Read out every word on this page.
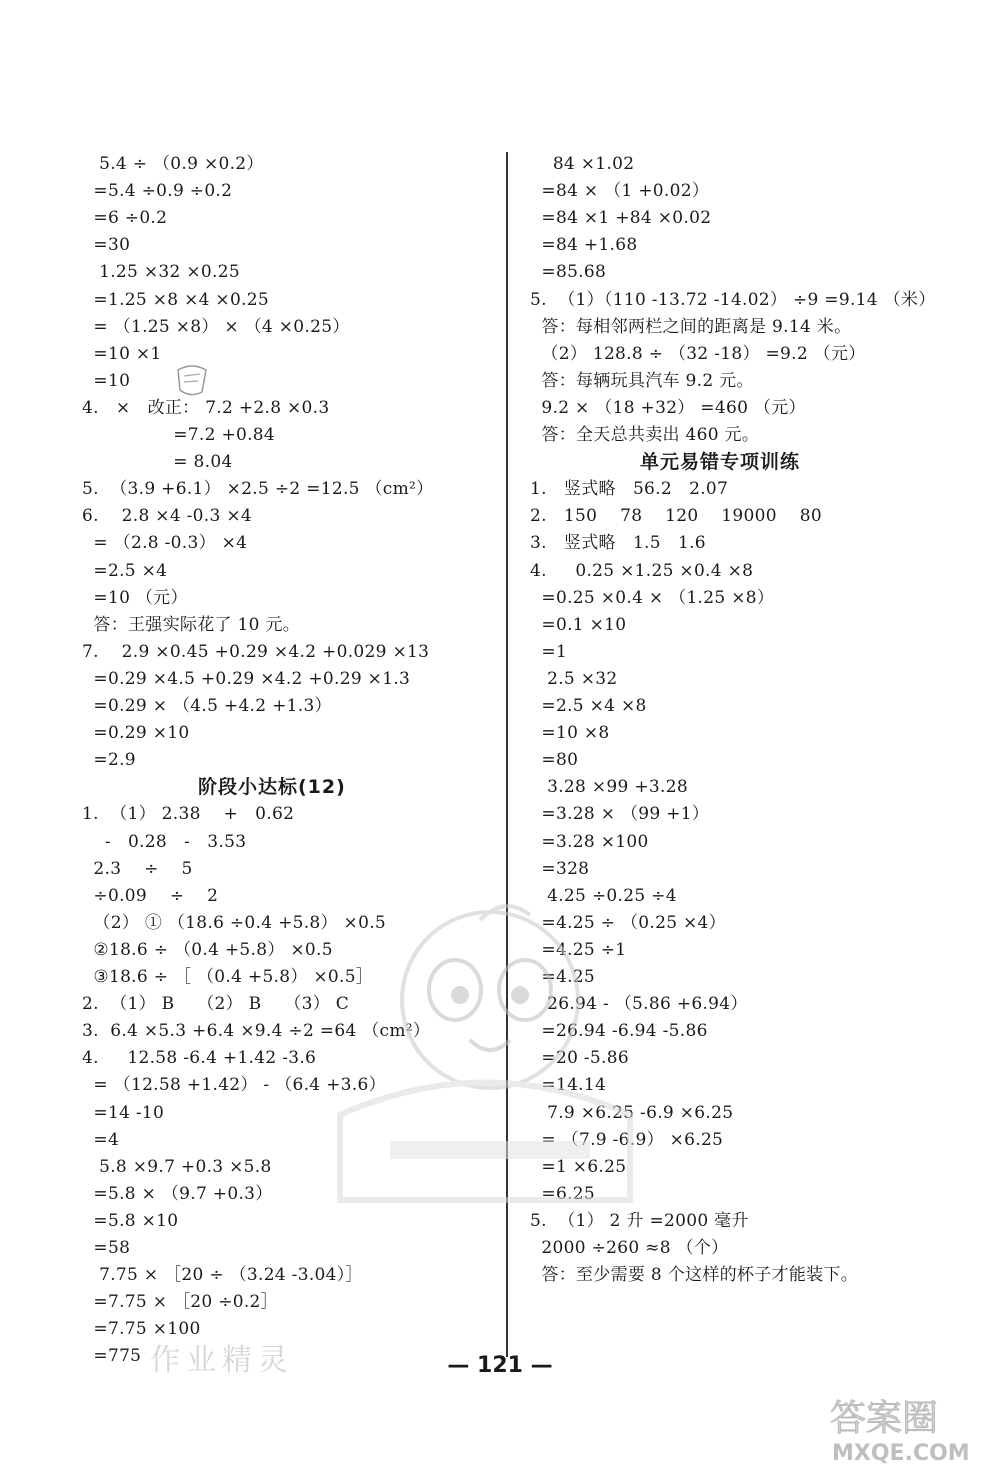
5.4 ÷ （0.9 ×0.2）
=5.4 ÷0.9 ÷0.2
=6 ÷0.2
=30
1.25 ×32 ×0.25
=1.25 ×8 ×4 ×0.25
= （1.25 ×8） × （4 ×0.25）
=10 ×1
=10
4.   ×   改正： 7.2 +2.8 ×0.3
=7.2 +0.84
= 8.04
5.  （3.9 +6.1） ×2.5 ÷2 =12.5 （cm²）
6.    2.8 ×4 -0.3 ×4
= （2.8 -0.3） ×4
=2.5 ×4
=10 （元）
答：王强实际花了 10 元。
7.    2.9 ×0.45 +0.29 ×4.2 +0.029 ×13
=0.29 ×4.5 +0.29 ×4.2 +0.29 ×1.3
=0.29 × （4.5 +4.2 +1.3）
=0.29 ×10
=2.9
阶段小达标(12)
1.  （1） 2.38    +   0.62
-   0.28   -   3.53
2.3    ÷    5
÷0.09    ÷    2
（2） ① （18.6 ÷0.4 +5.8） ×0.5
②18.6 ÷ （0.4 +5.8） ×0.5
③18.6 ÷ ［ （0.4 +5.8） ×0.5］
2.  （1） B    （2） B    （3） C
3.  6.4 ×5.3 +6.4 ×9.4 ÷2 =64 （cm²）
4.     12.58 -6.4 +1.42 -3.6
= （12.58 +1.42） - （6.4 +3.6）
=14 -10
=4
5.8 ×9.7 +0.3 ×5.8
=5.8 × （9.7 +0.3）
=5.8 ×10
=58
7.75 × ［20 ÷ （3.24 -3.04）］
=7.75 × ［20 ÷0.2］
=7.75 ×100
=775
84 ×1.02
=84 × （1 +0.02）
=84 ×1 +84 ×0.02
=84 +1.68
=85.68
5.  （1）（110 -13.72 -14.02） ÷9 =9.14 （米）
答：每相邻两栏之间的距离是 9.14 米。
（2） 128.8 ÷ （32 -18） =9.2 （元）
答：每辆玩具汽车 9.2 元。
9.2 × （18 +32） =460 （元）
答：全天总共卖出 460 元。
单元易错专项训练
1.   竖式略   56.2   2.07
2.   150    78    120    19000    80
3.   竖式略   1.5   1.6
4.     0.25 ×1.25 ×0.4 ×8
=0.25 ×0.4 × （1.25 ×8）
=0.1 ×10
=1
2.5 ×32
=2.5 ×4 ×8
=10 ×8
=80
3.28 ×99 +3.28
=3.28 × （99 +1）
=3.28 ×100
=328
4.25 ÷0.25 ÷4
=4.25 ÷ （0.25 ×4）
=4.25 ÷1
=4.25
26.94 - （5.86 +6.94）
=26.94 -6.94 -5.86
=20 -5.86
=14.14
7.9 ×6.25 -6.9 ×6.25
= （7.9 -6.9） ×6.25
=1 ×6.25
=6.25
5.  （1） 2 升 =2000 毫升
2000 ÷260 ≈8 （个）
答：至少需要 8 个这样的杯子才能装下。
作业精灵
答案圈
MXQE.COM
— 121 —
